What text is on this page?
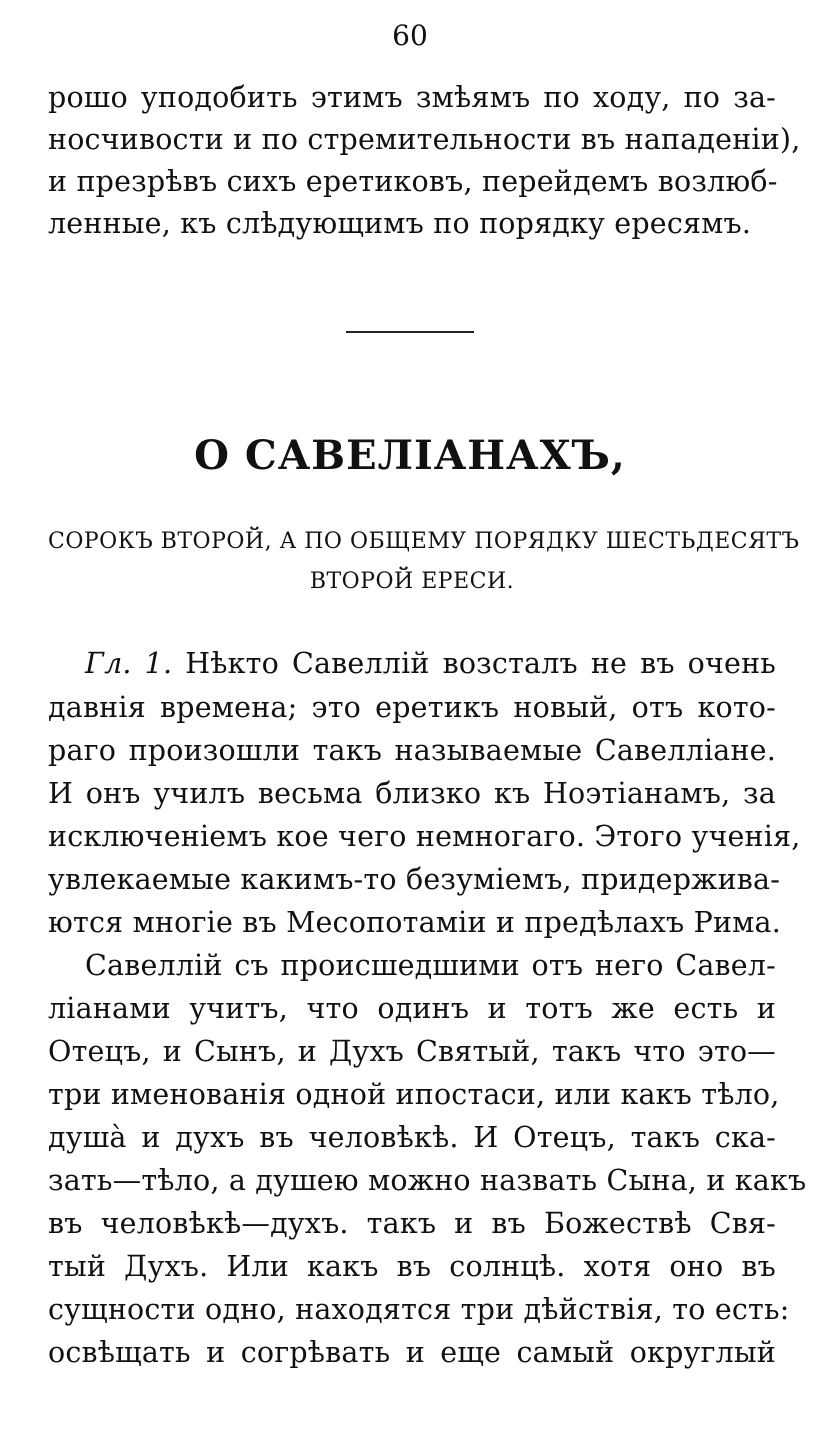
60
рошо уподобить этимъ змѣямъ по ходу, по за-
носчивости и по стремительности въ нападеніи),
и презрѣвъ сихъ еретиковъ, перейдемъ возлюб-
ленные, къ слѣдующимъ по порядку ересямъ.
О САВЕЛІАНАХЪ,
СОРОКЪ ВТОРОЙ, А ПО ОБЩЕМУ ПОРЯДКУ ШЕСТЬДЕСЯТЪ
ВТОРОЙ ЕРЕСИ.
Гл. 1. Нѣкто Савеллій возсталъ не въ очень
давнія времена; это еретикъ новый, отъ кото-
раго произошли такъ называемые Савелліане.
И онъ училъ весьма близко къ Ноэтіанамъ, за
исключеніемъ кое чего немногаго. Этого ученія,
увлекаемые какимъ-то безуміемъ, придержива-
ются многіе въ Месопотаміи и предѣлахъ Рима.
Савеллій съ происшедшими отъ него Савел-
ліанами учитъ, что одинъ и тотъ же есть и
Отецъ, и Сынъ, и Духъ Святый, такъ что это—
три именованія одной ипостаси, или какъ тѣло,
душа̀ и духъ въ человѣкѣ. И Отецъ, такъ ска-
зать—тѣло, а душею можно назвать Сына, и какъ
въ человѣкѣ—духъ. такъ и въ Божествѣ Свя-
тый Духъ. Или какъ въ солнцѣ. хотя оно въ
сущности одно, находятся три дѣйствія, то есть:
освѣщать и согрѣвать и еще самый округлый
